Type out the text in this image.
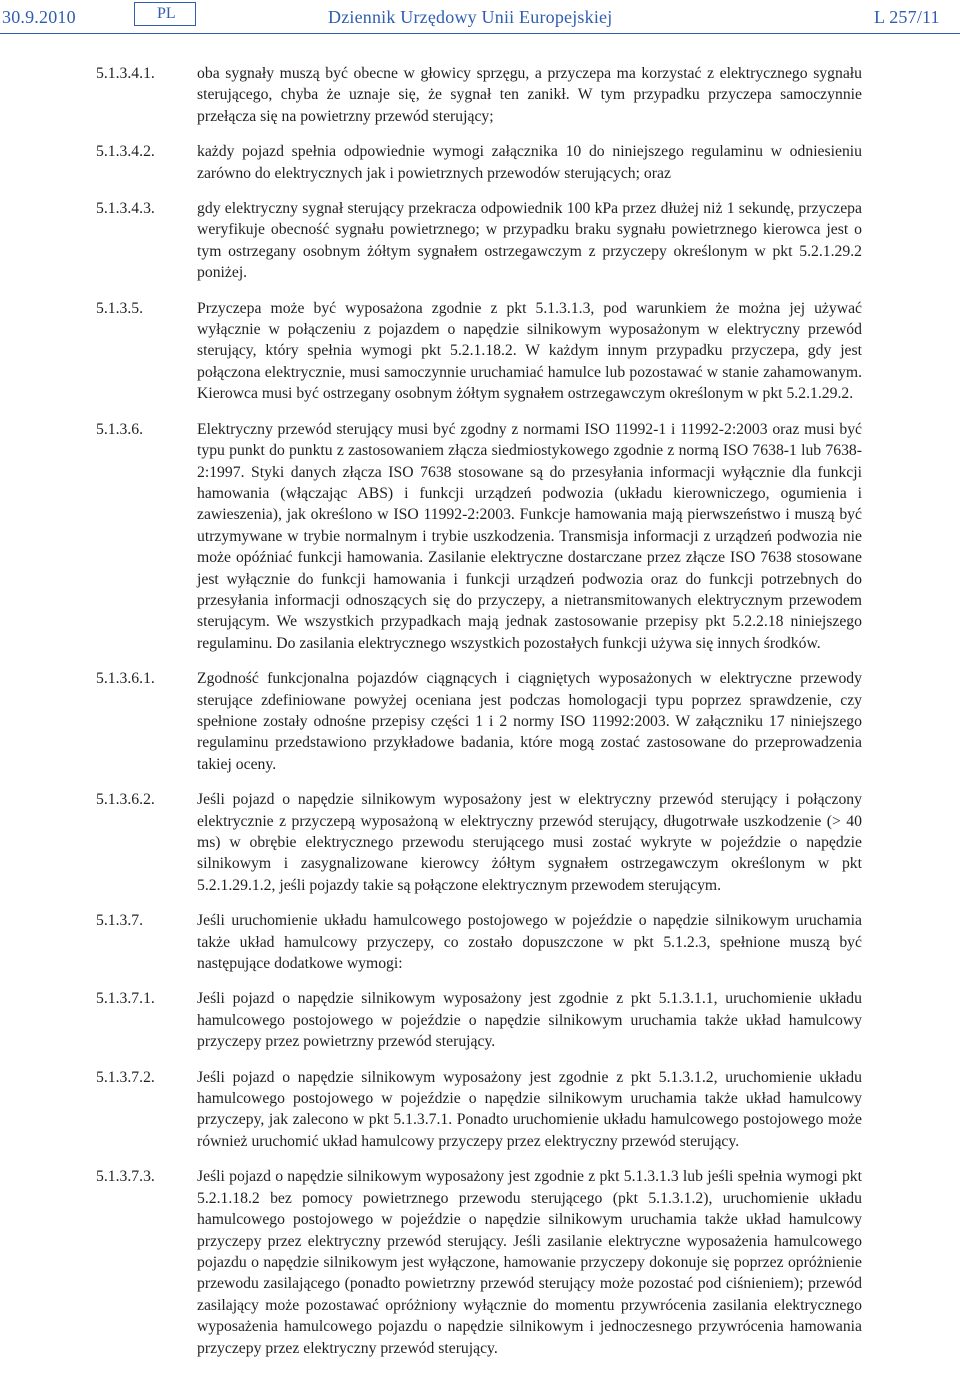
30.9.2010	PL	Dziennik Urzędowy Unii Europejskiej	L 257/11
5.1.3.4.1.	oba sygnały muszą być obecne w głowicy sprzęgu, a przyczepa ma korzystać z elektrycznego sygnału sterującego, chyba że uznaje się, że sygnał ten zanikł. W tym przypadku przyczepa samoczynnie przełącza się na powietrzny przewód sterujący;
5.1.3.4.2.	każdy pojazd spełnia odpowiednie wymogi załącznika 10 do niniejszego regulaminu w odniesieniu zarówno do elektrycznych jak i powietrznych przewodów sterujących; oraz
5.1.3.4.3.	gdy elektryczny sygnał sterujący przekracza odpowiednik 100 kPa przez dłużej niż 1 sekundę, przyczepa weryfikuje obecność sygnału powietrznego; w przypadku braku sygnału powietrznego kierowca jest o tym ostrzegany osobnym żółtym sygnałem ostrzegawczym z przyczepy określonym w pkt 5.2.1.29.2 poniżej.
5.1.3.5.	Przyczepa może być wyposażona zgodnie z pkt 5.1.3.1.3, pod warunkiem że można jej używać wyłącznie w połączeniu z pojazdem o napędzie silnikowym wyposażonym w elektryczny przewód sterujący, który spełnia wymogi pkt 5.2.1.18.2. W każdym innym przypadku przyczepa, gdy jest połączona elektrycznie, musi samoczynnie uruchamiać hamulce lub pozostawać w stanie zahamowanym. Kierowca musi być ostrzegany osobnym żółtym sygnałem ostrzegawczym określonym w pkt 5.2.1.29.2.
5.1.3.6.	Elektryczny przewód sterujący musi być zgodny z normami ISO 11992-1 i 11992-2:2003 oraz musi być typu punkt do punktu z zastosowaniem złącza siedmiostykowego zgodnie z normą ISO 7638-1 lub 7638-2:1997. Styki danych złącza ISO 7638 stosowane są do przesyłania informacji wyłącznie dla funkcji hamowania (włączając ABS) i funkcji urządzeń podwozia (układu kierowniczego, ogumienia i zawieszenia), jak określono w ISO 11992-2:2003. Funkcje hamowania mają pierwszeństwo i muszą być utrzymywane w trybie normalnym i trybie uszkodzenia. Transmisja informacji z urządzeń podwozia nie może opóźniać funkcji hamowania. Zasilanie elektryczne dostarczane przez złącze ISO 7638 stosowane jest wyłącznie do funkcji hamowania i funkcji urządzeń podwozia oraz do funkcji potrzebnych do przesyłania informacji odnoszących się do przyczepy, a nietransmitowanych elektrycznym przewodem sterującym. We wszystkich przypadkach mają jednak zastosowanie przepisy pkt 5.2.2.18 niniejszego regulaminu. Do zasilania elektrycznego wszystkich pozostałych funkcji używa się innych środków.
5.1.3.6.1.	Zgodność funkcjonalna pojazdów ciągnących i ciągniętych wyposażonych w elektryczne przewody sterujące zdefiniowane powyżej oceniana jest podczas homologacji typu poprzez sprawdzenie, czy spełnione zostały odnośne przepisy części 1 i 2 normy ISO 11992:2003. W załączniku 17 niniejszego regulaminu przedstawiono przykładowe badania, które mogą zostać zastosowane do przeprowadzenia takiej oceny.
5.1.3.6.2.	Jeśli pojazd o napędzie silnikowym wyposażony jest w elektryczny przewód sterujący i połączony elektrycznie z przyczepą wyposażoną w elektryczny przewód sterujący, długotrwałe uszkodzenie (> 40 ms) w obrębie elektrycznego przewodu sterującego musi zostać wykryte w pojeździe o napędzie silnikowym i zasygnalizowane kierowcy żółtym sygnałem ostrzegawczym określonym w pkt 5.2.1.29.1.2, jeśli pojazdy takie są połączone elektrycznym przewodem sterującym.
5.1.3.7.	Jeśli uruchomienie układu hamulcowego postojowego w pojeździe o napędzie silnikowym uruchamia także układ hamulcowy przyczepy, co zostało dopuszczone w pkt 5.1.2.3, spełnione muszą być następujące dodatkowe wymogi:
5.1.3.7.1.	Jeśli pojazd o napędzie silnikowym wyposażony jest zgodnie z pkt 5.1.3.1.1, uruchomienie układu hamulcowego postojowego w pojeździe o napędzie silnikowym uruchamia także układ hamulcowy przyczepy przez powietrzny przewód sterujący.
5.1.3.7.2.	Jeśli pojazd o napędzie silnikowym wyposażony jest zgodnie z pkt 5.1.3.1.2, uruchomienie układu hamulcowego postojowego w pojeździe o napędzie silnikowym uruchamia także układ hamulcowy przyczepy, jak zalecono w pkt 5.1.3.7.1. Ponadto uruchomienie układu hamulcowego postojowego może również uruchomić układ hamulcowy przyczepy przez elektryczny przewód sterujący.
5.1.3.7.3.	Jeśli pojazd o napędzie silnikowym wyposażony jest zgodnie z pkt 5.1.3.1.3 lub jeśli spełnia wymogi pkt 5.2.1.18.2 bez pomocy powietrznego przewodu sterującego (pkt 5.1.3.1.2), uruchomienie układu hamulcowego postojowego w pojeździe o napędzie silnikowym uruchamia także układ hamulcowy przyczepy przez elektryczny przewód sterujący. Jeśli zasilanie elektryczne wyposażenia hamulcowego pojazdu o napędzie silnikowym jest wyłączone, hamowanie przyczepy dokonuje się poprzez opróżnienie przewodu zasilającego (ponadto powietrzny przewód sterujący może pozostać pod ciśnieniem); przewód zasilający może pozostawać opróżniony wyłącznie do momentu przywrócenia zasilania elektrycznego wyposażenia hamulcowego pojazdu o napędzie silnikowym i jednoczesnego przywrócenia hamowania przyczepy przez elektryczny przewód sterujący.
